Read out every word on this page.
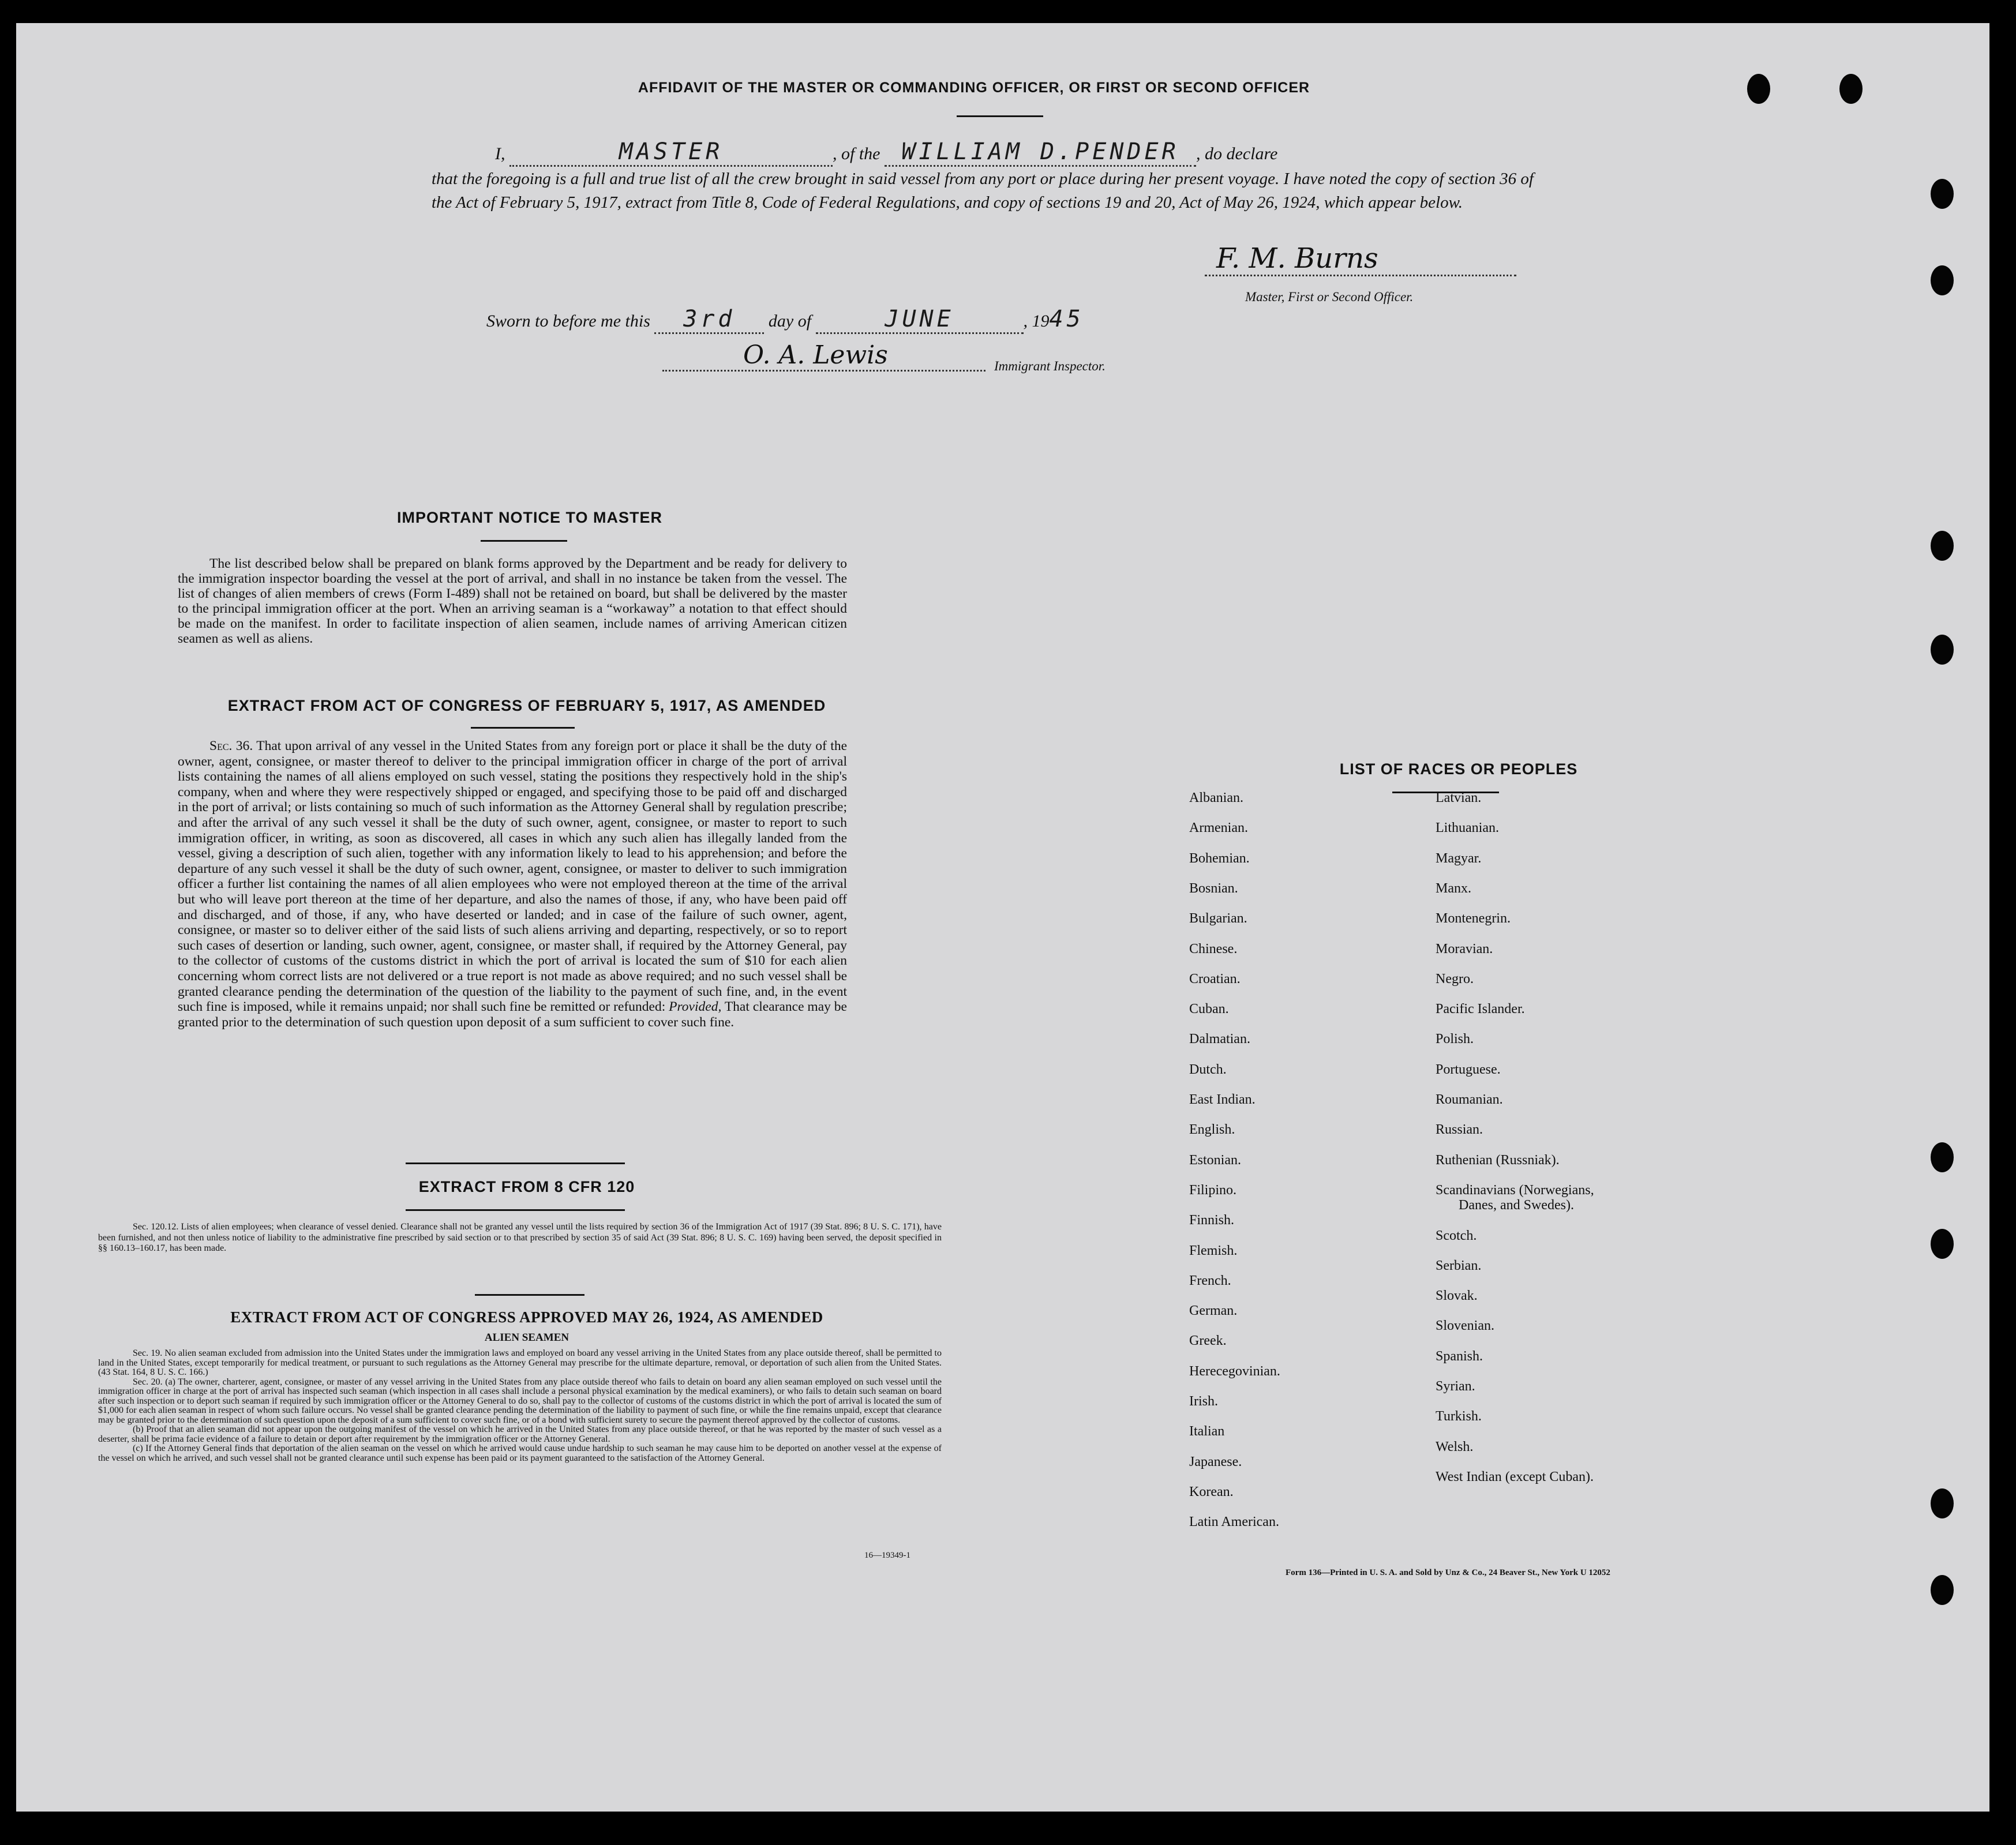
AFFIDAVIT OF THE MASTER OR COMMANDING OFFICER, OR FIRST OR SECOND OFFICER
I,	MASTER	, of the WILLIAM D.PENDER , do declare
that the foregoing is a full and true list of all the crew brought in said vessel from any port or place during her present voyage. I have noted the copy of section 36 of the Act of February 5, 1917, extract from Title 8, Code of Federal Regulations, and copy of sections 19 and 20, Act of May 26, 1924, which appear below.
F. M. Burns
Master, First or Second Officer.
Sworn to before me this 3rd day of	JUNE	, 1945
O. A. Lewis	Immigrant Inspector.
IMPORTANT NOTICE TO MASTER
The list described below shall be prepared on blank forms approved by the Department and be ready for delivery to the immigration inspector boarding the vessel at the port of arrival, and shall in no instance be taken from the vessel. The list of changes of alien members of crews (Form I-489) shall not be retained on board, but shall be delivered by the master to the principal immigration officer at the port. When an arriving seaman is a “workaway” a notation to that effect should be made on the manifest. In order to facilitate inspection of alien seamen, include names of arriving American citizen seamen as well as aliens.
EXTRACT FROM ACT OF CONGRESS OF FEBRUARY 5, 1917, AS AMENDED
Sec. 36. That upon arrival of any vessel in the United States from any foreign port or place it shall be the duty of the owner, agent, consignee, or master thereof to deliver to the principal immigration officer in charge of the port of arrival lists containing the names of all aliens employed on such vessel, stating the positions they respectively hold in the ship's company, when and where they were respectively shipped or engaged, and specifying those to be paid off and discharged in the port of arrival; or lists containing so much of such information as the Attorney General shall by regulation prescribe; and after the arrival of any such vessel it shall be the duty of such owner, agent, consignee, or master to report to such immigration officer, in writing, as soon as discovered, all cases in which any such alien has illegally landed from the vessel, giving a description of such alien, together with any information likely to lead to his apprehension; and before the departure of any such vessel it shall be the duty of such owner, agent, consignee, or master to deliver to such immigration officer a further list containing the names of all alien employees who were not employed thereon at the time of the arrival but who will leave port thereon at the time of her departure, and also the names of those, if any, who have been paid off and discharged, and of those, if any, who have deserted or landed; and in case of the failure of such owner, agent, consignee, or master so to deliver either of the said lists of such aliens arriving and departing, respectively, or so to report such cases of desertion or landing, such owner, agent, consignee, or master shall, if required by the Attorney General, pay to the collector of customs of the customs district in which the port of arrival is located the sum of $10 for each alien concerning whom correct lists are not delivered or a true report is not made as above required; and no such vessel shall be granted clearance pending the determination of the question of the liability to the payment of such fine, and, in the event such fine is imposed, while it remains unpaid; nor shall such fine be remitted or refunded: Provided, That clearance may be granted prior to the determination of such question upon deposit of a sum sufficient to cover such fine.
EXTRACT FROM 8 CFR 120
Sec. 120.12. Lists of alien employees; when clearance of vessel denied. Clearance shall not be granted any vessel until the lists required by section 36 of the Immigration Act of 1917 (39 Stat. 896; 8 U. S. C. 171), have been furnished, and not then unless notice of liability to the administrative fine prescribed by said section or to that prescribed by section 35 of said Act (39 Stat. 896; 8 U. S. C. 169) having been served, the deposit specified in §§ 160.13–160.17, has been made.
EXTRACT FROM ACT OF CONGRESS APPROVED MAY 26, 1924, AS AMENDED
ALIEN SEAMEN
Sec. 19. No alien seaman excluded from admission into the United States under the immigration laws and employed on board any vessel arriving in the United States from any place outside thereof, shall be permitted to land in the United States, except temporarily for medical treatment, or pursuant to such regulations as the Attorney General may prescribe for the ultimate departure, removal, or deportation of such alien from the United States. (43 Stat. 164, 8 U. S. C. 166.)
Sec. 20. (a) The owner, charterer, agent, consignee, or master of any vessel arriving in the United States from any place outside thereof who fails to detain on board any alien seaman employed on such vessel until the immigration officer in charge at the port of arrival has inspected such seaman (which inspection in all cases shall include a personal physical examination by the medical examiners), or who fails to detain such seaman on board after such inspection or to deport such seaman if required by such immigration officer or the Attorney General to do so, shall pay to the collector of customs of the customs district in which the port of arrival is located the sum of $1,000 for each alien seaman in respect of whom such failure occurs. No vessel shall be granted clearance pending the determination of the liability to payment of such fine, or while the fine remains unpaid, except that clearance may be granted prior to the determination of such question upon the deposit of a sum sufficient to cover such fine, or of a bond with sufficient surety to secure the payment thereof approved by the collector of customs.
(b) Proof that an alien seaman did not appear upon the outgoing manifest of the vessel on which he arrived in the United States from any place outside thereof, or that he was reported by the master of such vessel as a deserter, shall be prima facie evidence of a failure to detain or deport after requirement by the immigration officer or the Attorney General.
(c) If the Attorney General finds that deportation of the alien seaman on the vessel on which he arrived would cause undue hardship to such seaman he may cause him to be deported on another vessel at the expense of the vessel on which he arrived, and such vessel shall not be granted clearance until such expense has been paid or its payment guaranteed to the satisfaction of the Attorney General.
16—19349-1
LIST OF RACES OR PEOPLES
Albanian.
Armenian.
Bohemian.
Bosnian.
Bulgarian.
Chinese.
Croatian.
Cuban.
Dalmatian.
Dutch.
East Indian.
English.
Estonian.
Filipino.
Finnish.
Flemish.
French.
German.
Greek.
Herecegovinian.
Irish.
Italian
Japanese.
Korean.
Latin American.
Latvian.
Lithuanian.
Magyar.
Manx.
Montenegrin.
Moravian.
Negro.
Pacific Islander.
Polish.
Portuguese.
Roumanian.
Russian.
Ruthenian (Russniak).
Scandinavians (Norwegians,
Danes, and Swedes).
Scotch.
Serbian.
Slovak.
Slovenian.
Spanish.
Syrian.
Turkish.
Welsh.
West Indian (except Cuban).
Form 136—Printed in U. S. A. and Sold by Unz & Co., 24 Beaver St., New York U 12052
